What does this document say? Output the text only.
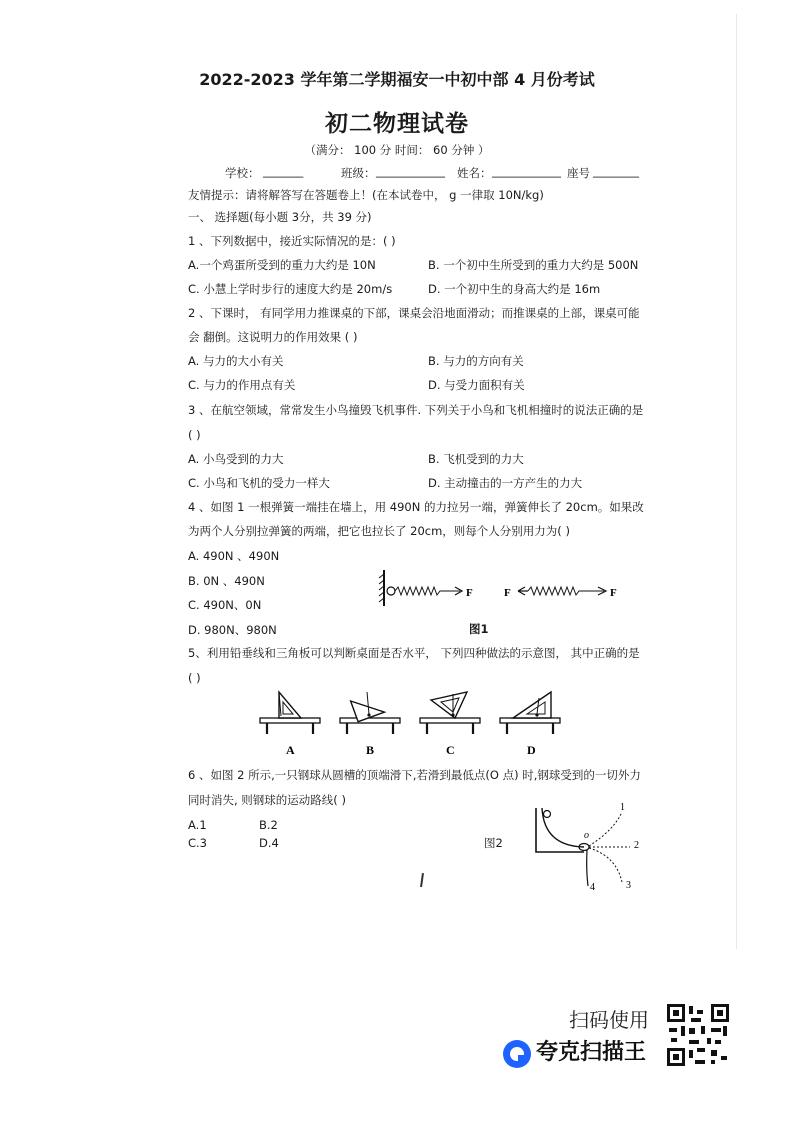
2022-2023 学年第二学期福安一中初中部 4 月份考试
初二物理试卷
（满分： 100 分 时间： 60 分钟 ）
学校： _______	班级： ____________ 姓名： ____________ 座号 ________
友情提示：请将解答写在答题卷上！(在本试卷中， g 一律取 10N/kg)
一、 选择题(每小题 3分，共 39 分)
1 、下列数据中，接近实际情况的是：( )
A.一个鸡蛋所受到的重力大约是 10N	B. 一个初中生所受到的重力大约是 500N
C. 小慧上学时步行的速度大约是 20m/s	D. 一个初中生的身高大约是 16m
2 、下课时， 有同学用力推课桌的下部，课桌会沿地面滑动；而推课桌的上部，课桌可能
会 翻倒。这说明力的作用效果 ( )
A. 与力的大小有关	B. 与力的方向有关
C. 与力的作用点有关	D. 与受力面积有关
3 、在航空领域，常常发生小鸟撞毁飞机事件. 下列关于小鸟和飞机相撞时的说法正确的是
( )
A. 小鸟受到的力大	B. 飞机受到的力大
C. 小鸟和飞机的受力一样大	D. 主动撞击的一方产生的力大
4 、如图 1 一根弹簧一端挂在墙上，用 490N 的力拉另一端，弹簧伸长了 20cm。如果改
为两个人分别拉弹簧的两端，把它也拉长了 20cm，则每个人分别用力为( )
A. 490N 、490N
B. 0N 、490N
C. 490N、0N
D. 980N、980N
F	F	F
图1
5、利用铅垂线和三角板可以判断桌面是否水平， 下列四种做法的示意图， 其中正确的是
( )
A	B	C	D
6 、如图 2 所示,一只钢球从圆槽的顶端滑下,若滑到最低点(O 点) 时,钢球受到的一切外力
同时消失, 则钢球的运动路线( )
A.1	B.2
C.3	D.4	图2
o
1
2
3
4
扫码使用
夸克扫描王
